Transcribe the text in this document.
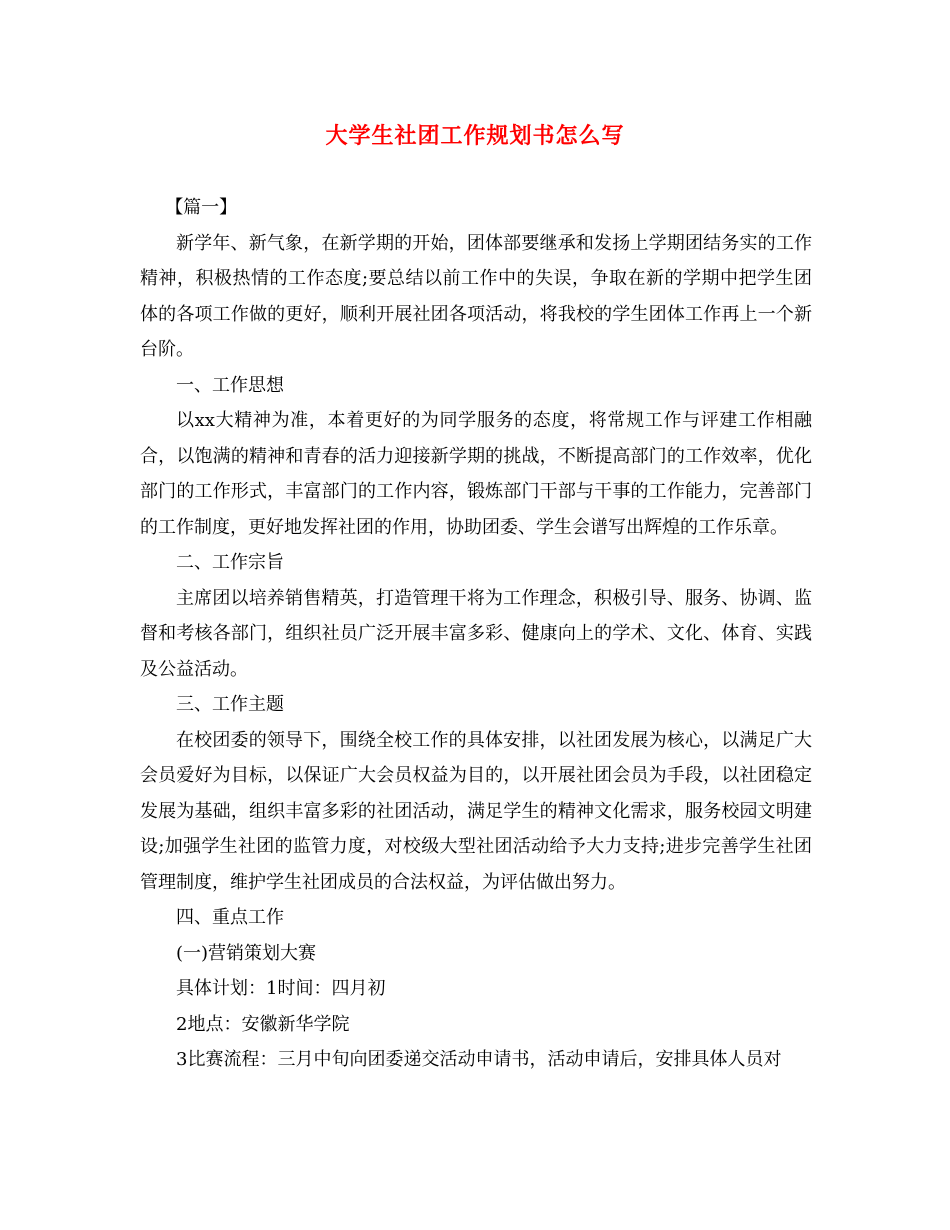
大学生社团工作规划书怎么写

【篇一】

新学年、新气象，在新学期的开始，团体部要继承和发扬上学期团结务实的工作精神，积极热情的工作态度;要总结以前工作中的失误，争取在新的学期中把学生团体的各项工作做的更好，顺利开展社团各项活动，将我校的学生团体工作再上一个新台阶。

一、工作思想

以xx大精神为准，本着更好的为同学服务的态度，将常规工作与评建工作相融合，以饱满的精神和青春的活力迎接新学期的挑战，不断提高部门的工作效率，优化部门的工作形式，丰富部门的工作内容，锻炼部门干部与干事的工作能力，完善部门的工作制度，更好地发挥社团的作用，协助团委、学生会谱写出辉煌的工作乐章。

二、工作宗旨

主席团以培养销售精英，打造管理干将为工作理念，积极引导、服务、协调、监督和考核各部门，组织社员广泛开展丰富多彩、健康向上的学术、文化、体育、实践及公益活动。

三、工作主题

在校团委的领导下，围绕全校工作的具体安排，以社团发展为核心，以满足广大会员爱好为目标，以保证广大会员权益为目的，以开展社团会员为手段，以社团稳定发展为基础，组织丰富多彩的社团活动，满足学生的精神文化需求，服务校园文明建设;加强学生社团的监管力度，对校级大型社团活动给予大力支持;进步完善学生社团管理制度，维护学生社团成员的合法权益，为评估做出努力。

四、重点工作

(一)营销策划大赛

具体计划：1时间：四月初

2地点：安徽新华学院

3比赛流程：三月中旬向团委递交活动申请书，活动申请后，安排具体人员对
